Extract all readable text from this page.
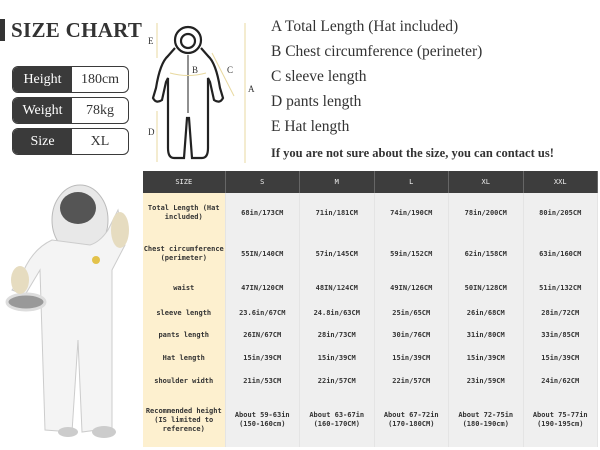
SIZE CHART
Height	180cm
Weight	78kg
Size	XL
E
B	C
A
D
A Total Length (Hat included)
B Chest circumference (perineter)
C sleeve length
D pants length
E Hat length
If you are not sure about the size, you can contact us!
SIZE	S	M	L	XL	XXL
Total Length (Hat included)	68in/173CM	71in/181CM	74in/190CM	78in/200CM	80in/205CM
Chest circumference (perimeter)	55IN/140CM	57in/145CM	59in/152CM	62in/158CM	63in/160CM
waist	47IN/120CM	48IN/124CM	49IN/126CM	50IN/128CM	51in/132CM
sleeve length	23.6in/67CM	24.8in/63CM	25in/65CM	26in/68CM	28in/72CM
pants length	26IN/67CM	28in/73CM	30in/76CM	31in/80CM	33in/85CM
Hat length	15in/39CM	15in/39CM	15in/39CM	15in/39CM	15in/39CM
shoulder width	21in/53CM	22in/57CM	22in/57CM	23in/59CM	24in/62CM
Recommended height (IS limited to reference)	About 59-63in (150-160cm)	About 63-67in (160-170CM)	About 67-72in (170-180CM)	About 72-75in (180-190cm)	About 75-77in (190-195cm)
